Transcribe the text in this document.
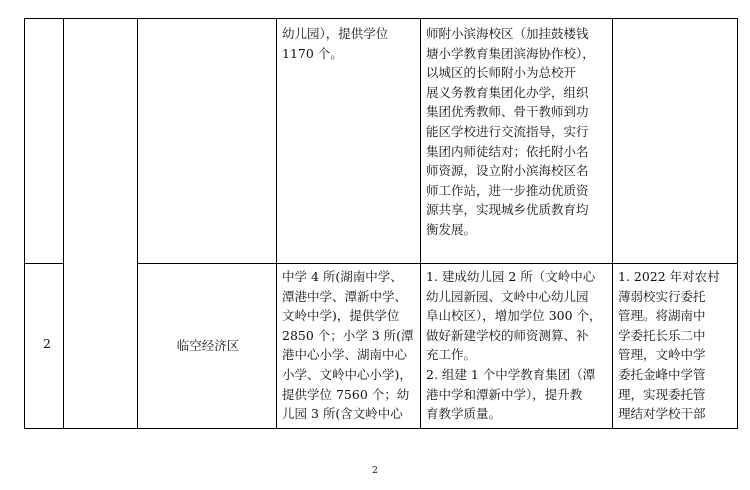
幼儿园），提供学位
1170 个。
师附小滨海校区（加挂鼓楼钱
塘小学教育集团滨海协作校），
以城区的长师附小为总校开
展义务教育集团化办学，组织
集团优秀教师、骨干教师到功
能区学校进行交流指导，实行
集团内师徒结对；依托附小名
师资源，设立附小滨海校区名
师工作站，进一步推动优质资
源共享，实现城乡优质教育均
衡发展。
2	临空经济区
中学 4 所(湖南中学、
潭港中学、潭新中学、
文岭中学)，提供学位
2850 个；小学 3 所(潭
港中心小学、湖南中心
小学、文岭中心小学)，
提供学位 7560 个；幼
儿园 3 所(含文岭中心
1. 建成幼儿园 2 所（文岭中心
幼儿园新园、文岭中心幼儿园
阜山校区），增加学位 300 个，
做好新建学校的师资测算、补
充工作。
2. 组建 1 个中学教育集团（潭
港中学和潭新中学），提升教
育教学质量。
1. 2022 年对农村
薄弱校实行委托
管理。将湖南中
学委托长乐二中
管理，文岭中学
委托金峰中学管
理，实现委托管
理结对学校干部
2
